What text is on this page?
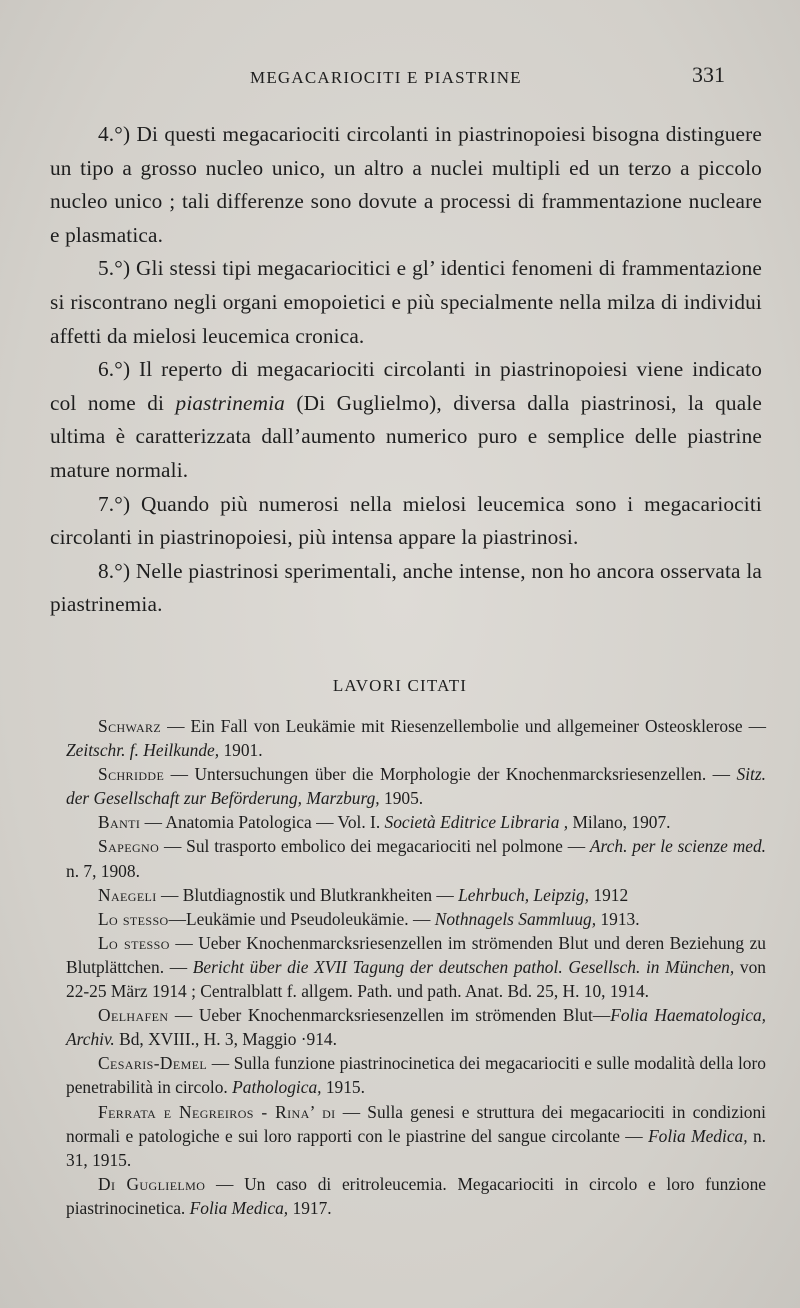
MEGACARIOCITI E PIASTRINE	331

4.°) Di questi megacariociti circolanti in piastrinopoiesi bisogna distinguere un tipo a grosso nucleo unico, un altro a nuclei multipli ed un terzo a piccolo nucleo unico ; tali differenze sono dovute a processi di frammentazione nucleare e plasmatica.

5.°) Gli stessi tipi megacariocitici e gl’ identici fenomeni di frammentazione si riscontrano negli organi emopoietici e più specialmente nella milza di individui affetti da mielosi leucemica cronica.

6.°) Il reperto di megacariociti circolanti in piastrinopoiesi viene indicato col nome di piastrinemia (Di Guglielmo), diversa dalla piastrinosi, la quale ultima è caratterizzata dall’aumento numerico puro e semplice delle piastrine mature normali.

7.°) Quando più numerosi nella mielosi leucemica sono i megacariociti circolanti in piastrinopoiesi, più intensa appare la piastrinosi.

8.°) Nelle piastrinosi sperimentali, anche intense, non ho ancora osservata la piastrinemia.

LAVORI CITATI

Schwarz — Ein Fall von Leukämie mit Riesenzellembolie und allgemeiner Osteosklerose — Zeitschr. f. Heilkunde, 1901.

Schridde — Untersuchungen über die Morphologie der Knochenmarcksriesenzellen. — Sitz. der Gesellschaft zur Beförderung, Marzburg, 1905.

Banti — Anatomia Patologica — Vol. I. Società Editrice Libraria , Milano, 1907.

Sapegno — Sul trasporto embolico dei megacariociti nel polmone — Arch. per le scienze med. n. 7, 1908.

Naegeli — Blutdiagnostik und Blutkrankheiten — Lehrbuch, Leipzig, 1912

Lo stesso—Leukämie und Pseudoleukämie. — Nothnagels Sammluug, 1913.

Lo stesso — Ueber Knochenmarcksriesenzellen im strömenden Blut und deren Beziehung zu Blutplättchen. — Bericht über die XVII Tagung der deutschen pathol. Gesellsch. in München, von 22-25 März 1914 ; Centralblatt f. allgem. Path. und path. Anat. Bd. 25, H. 10, 1914.

Oelhafen — Ueber Knochenmarcksriesenzellen im strömenden Blut—Folia Haematologica, Archiv. Bd, XVIII., H. 3, Maggio ·914.

Cesaris-Demel — Sulla funzione piastrinocinetica dei megacariociti e sulle modalità della loro penetrabilità in circolo. Pathologica, 1915.

Ferrata e Negreiros - Rina’ di — Sulla genesi e struttura dei megacariociti in condizioni normali e patologiche e sui loro rapporti con le piastrine del sangue circolante — Folia Medica, n. 31, 1915.

Di Guglielmo — Un caso di eritroleucemia. Megacariociti in circolo e loro funzione piastrinocinetica. Folia Medica, 1917.
